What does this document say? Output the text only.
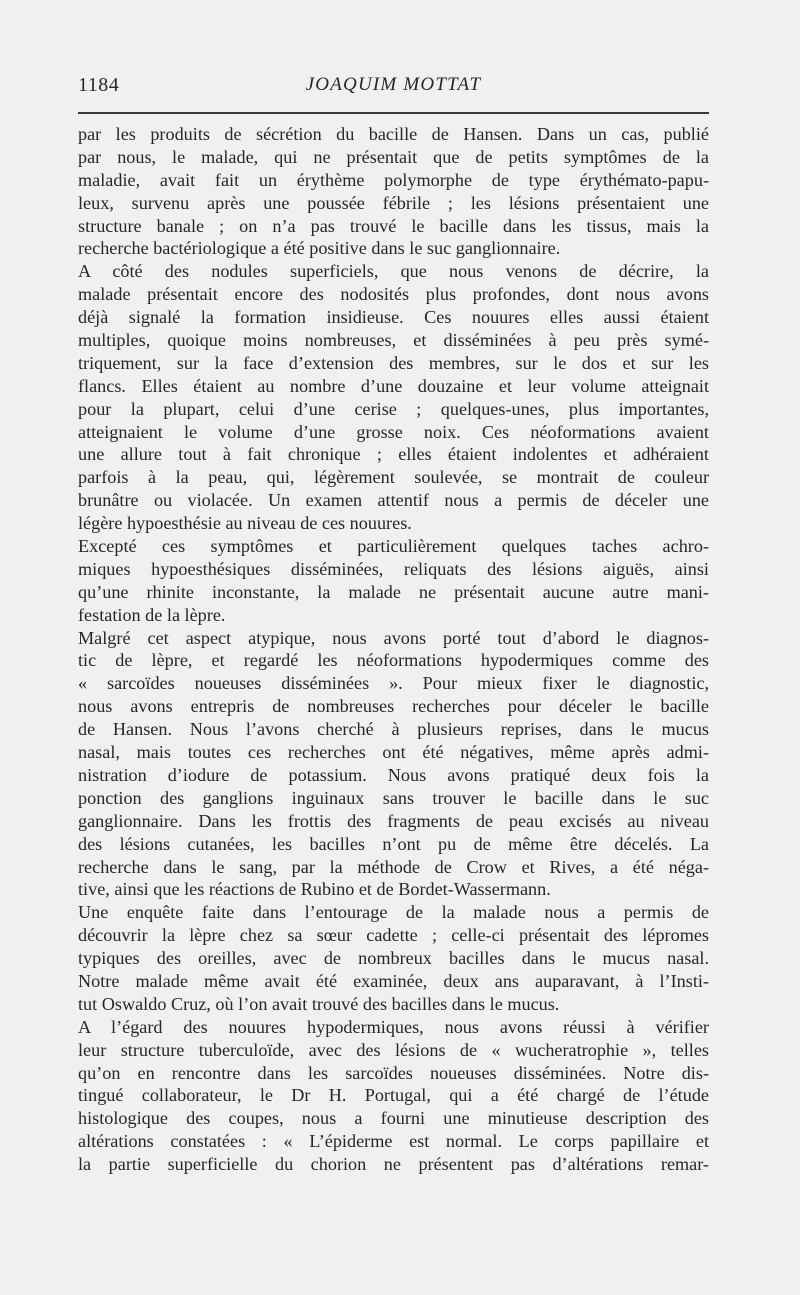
1184	JOAQUIM MOTTAT
par les produits de sécrétion du bacille de Hansen. Dans un cas, publié
par nous, le malade, qui ne présentait que de petits symptômes de la
maladie, avait fait un érythème polymorphe de type érythémato-papu-
leux, survenu après une poussée fébrile ; les lésions présentaient une
structure banale ; on n’a pas trouvé le bacille dans les tissus, mais la
recherche bactériologique a été positive dans le suc ganglionnaire.
A côté des nodules superficiels, que nous venons de décrire, la
malade présentait encore des nodosités plus profondes, dont nous avons
déjà signalé la formation insidieuse. Ces nouures elles aussi étaient
multiples, quoique moins nombreuses, et disséminées à peu près symé-
triquement, sur la face d’extension des membres, sur le dos et sur les
flancs. Elles étaient au nombre d’une douzaine et leur volume atteignait
pour la plupart, celui d’une cerise ; quelques-unes, plus importantes,
atteignaient le volume d’une grosse noix. Ces néoformations avaient
une allure tout à fait chronique ; elles étaient indolentes et adhéraient
parfois à la peau, qui, légèrement soulevée, se montrait de couleur
brunâtre ou violacée. Un examen attentif nous a permis de déceler une
légère hypoesthésie au niveau de ces nouures.
Excepté ces symptômes et particulièrement quelques taches achro-
miques hypoesthésiques disséminées, reliquats des lésions aiguës, ainsi
qu’une rhinite inconstante, la malade ne présentait aucune autre mani-
festation de la lèpre.
Malgré cet aspect atypique, nous avons porté tout d’abord le diagnos-
tic de lèpre, et regardé les néoformations hypodermiques comme des
« sarcoïdes noueuses disséminées ». Pour mieux fixer le diagnostic,
nous avons entrepris de nombreuses recherches pour déceler le bacille
de Hansen. Nous l’avons cherché à plusieurs reprises, dans le mucus
nasal, mais toutes ces recherches ont été négatives, même après admi-
nistration d’iodure de potassium. Nous avons pratiqué deux fois la
ponction des ganglions inguinaux sans trouver le bacille dans le suc
ganglionnaire. Dans les frottis des fragments de peau excisés au niveau
des lésions cutanées, les bacilles n’ont pu de même être décelés. La
recherche dans le sang, par la méthode de Crow et Rives, a été néga-
tive, ainsi que les réactions de Rubino et de Bordet-Wassermann.
Une enquête faite dans l’entourage de la malade nous a permis de
découvrir la lèpre chez sa sœur cadette ; celle-ci présentait des lépromes
typiques des oreilles, avec de nombreux bacilles dans le mucus nasal.
Notre malade même avait été examinée, deux ans auparavant, à l’Insti-
tut Oswaldo Cruz, où l’on avait trouvé des bacilles dans le mucus.
A l’égard des nouures hypodermiques, nous avons réussi à vérifier
leur structure tuberculoïde, avec des lésions de « wucheratrophie », telles
qu’on en rencontre dans les sarcoïdes noueuses disséminées. Notre dis-
tingué collaborateur, le Dr H. Portugal, qui a été chargé de l’étude
histologique des coupes, nous a fourni une minutieuse description des
altérations constatées : « L’épiderme est normal. Le corps papillaire et
la partie superficielle du chorion ne présentent pas d’altérations remar-
